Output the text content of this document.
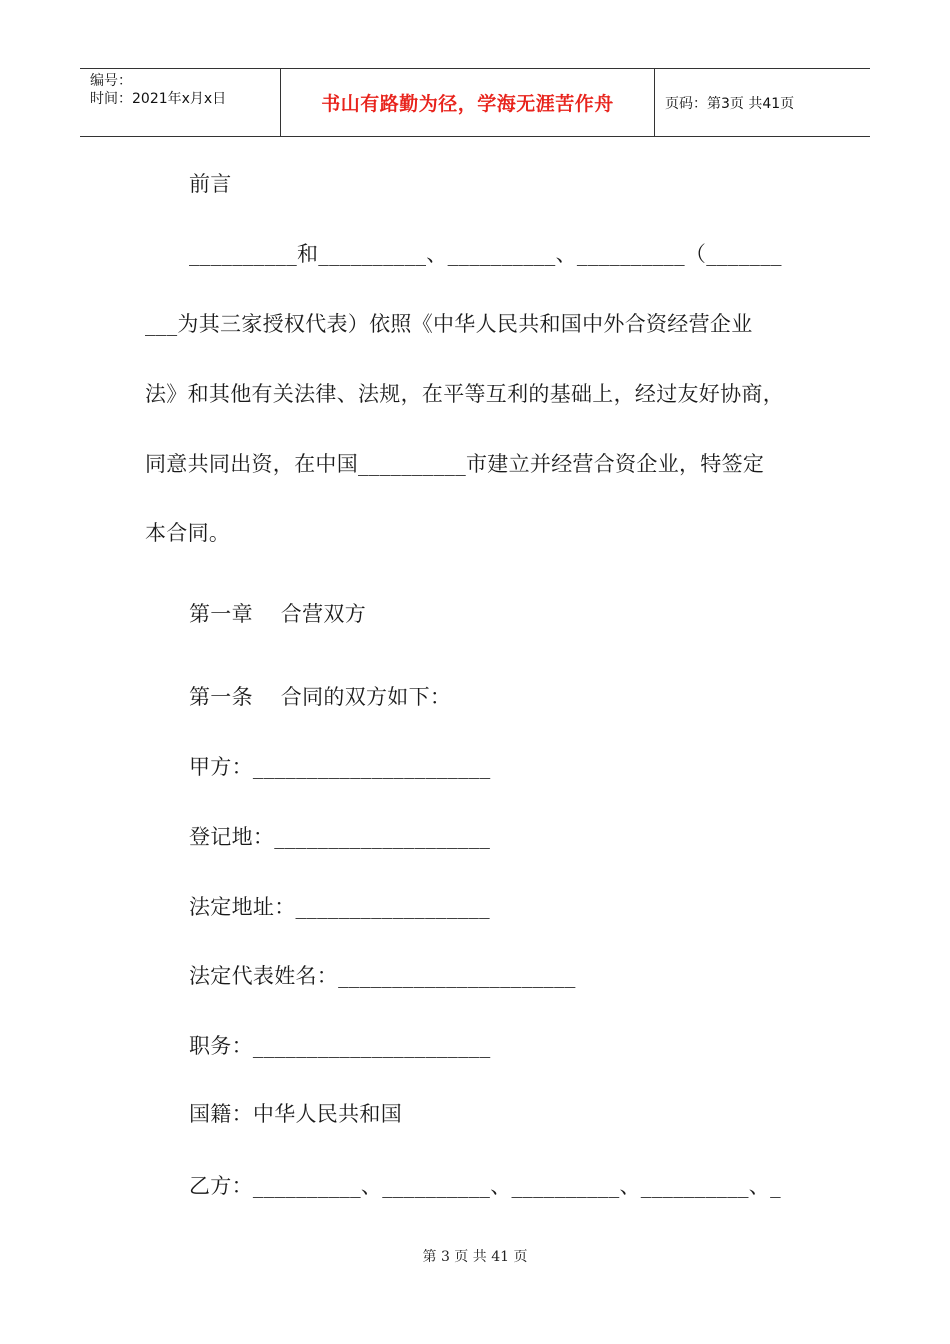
编号：
时间：2021年x月x日	书山有路勤为径，学海无涯苦作舟	页码：第3页 共41页
前言
__________和__________、__________、__________（_______
___为其三家授权代表）依照《中华人民共和国中外合资经营企业
法》和其他有关法律、法规，在平等互利的基础上，经过友好协商，
同意共同出资，在中国__________市建立并经营合资企业，特签定
本合同。
第一章    合营双方
第一条    合同的双方如下：
甲方：______________________
登记地：____________________
法定地址：__________________
法定代表姓名：______________________
职务：______________________
国籍：中华人民共和国
乙方：__________、__________、__________、__________、_
第 3 页 共 41 页
